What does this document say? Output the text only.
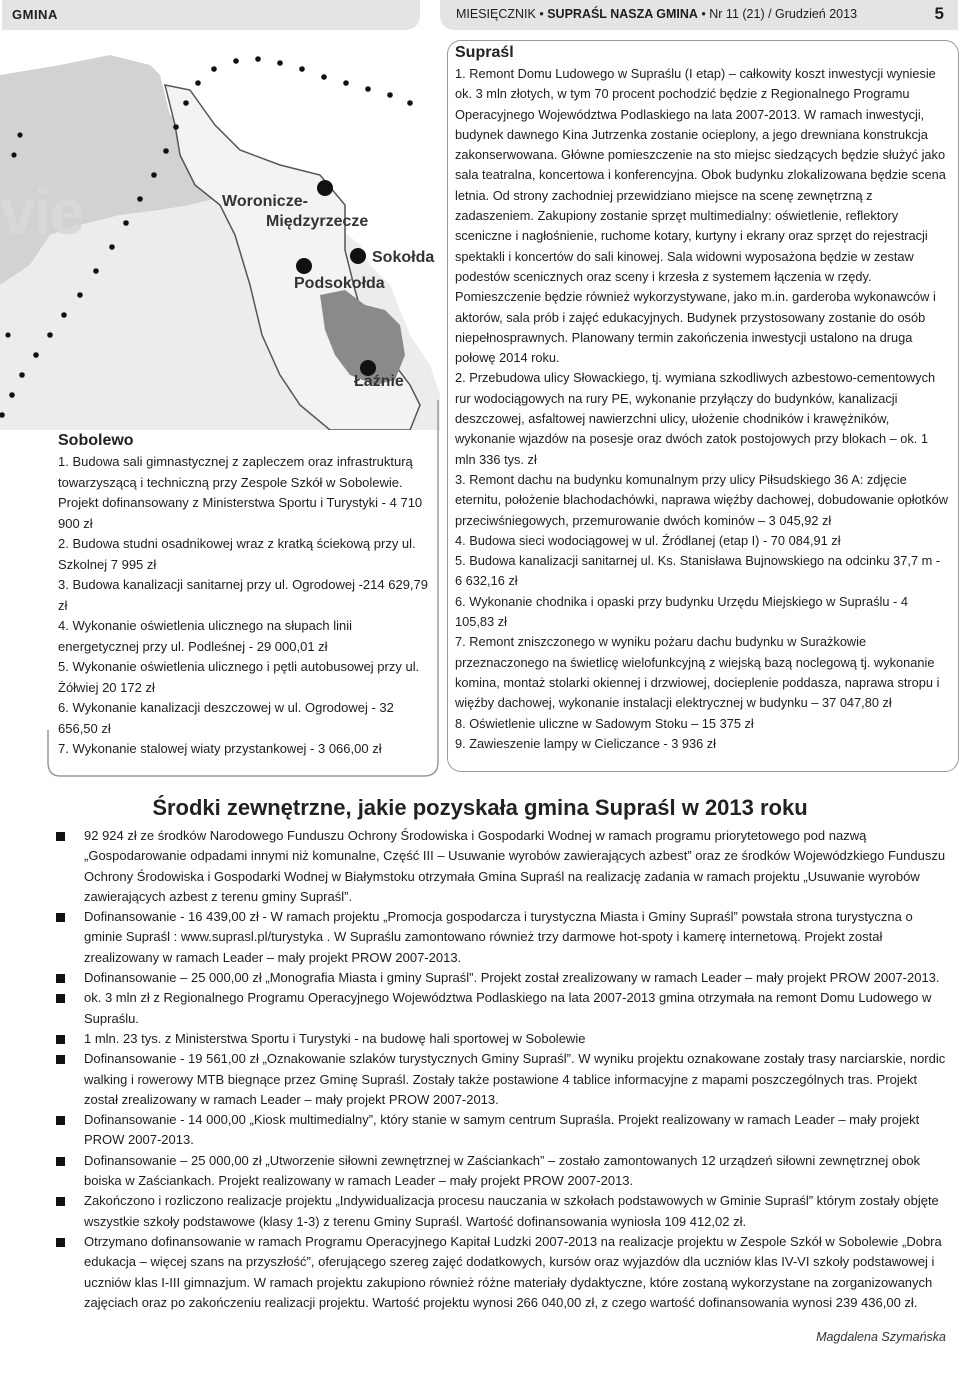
GMINA	MIESIĘCZNIK • SUPRAŚL NASZA GMINA • Nr 11 (21) / Grudzień 2013	5
vie	Woronicze-
Międzyrzecze
Sokołda
Podsokołda
Łaźnie
Sobolewo

1. Budowa sali gimnastycznej z zapleczem oraz infrastrukturą towarzyszącą i techniczną przy Zespole Szkół w Sobolewie. Projekt dofinansowany z Ministerstwa Sportu i Turystyki - 4 710 900 zł

2. Budowa studni osadnikowej wraz z kratką ściekową przy ul. Szkolnej 7 995 zł

3. Budowa kanalizacji sanitarnej przy ul. Ogrodowej -214 629,79 zł

4. Wykonanie oświetlenia ulicznego na słupach linii energetycznej przy ul. Podleśnej - 29 000,01 zł

5. Wykonanie oświetlenia ulicznego i pętli autobusowej przy ul. Żółwiej 20 172 zł

6. Wykonanie kanalizacji deszczowej w ul. Ogrodowej - 32 656,50 zł

7. Wykonanie stalowej wiaty przystankowej - 3 066,00 zł

Supraśl

1. Remont Domu Ludowego w Supraślu (I etap) – całkowity koszt inwestycji wyniesie ok. 3 mln złotych, w tym 70 procent pochodzić będzie z Regionalnego Programu Operacyjnego Województwa Podlaskiego na lata 2007-2013. W ramach inwestycji, budynek dawnego Kina Jutrzenka zostanie ocieplony, a jego drewniana konstrukcja zakonserwowana. Główne pomieszczenie na sto miejsc siedzących będzie służyć jako sala teatralna, koncertowa i konferencyjna. Obok budynku zlokalizowana będzie scena letnia. Od strony zachodniej przewidziano miejsce na scenę zewnętrzną z zadaszeniem. Zakupiony zostanie sprzęt multimedialny: oświetlenie, reflektory sceniczne i nagłośnienie, ruchome kotary, kurtyny i ekrany oraz sprzęt do rejestracji spektakli i koncertów do sali kinowej. Sala widowni wyposażona będzie w zestaw podestów scenicznych oraz sceny i krzesła z systemem łączenia w rzędy. Pomieszczenie będzie również wykorzystywane, jako m.in. garderoba wykonawców i aktorów, sala prób i zajęć edukacyjnych. Budynek przystosowany zostanie do osób niepełnosprawnych. Planowany termin zakończenia inwestycji ustalono na druga połowę 2014 roku.

2. Przebudowa ulicy Słowackiego, tj. wymiana szkodliwych azbestowo-cementowych rur wodociągowych na rury PE, wykonanie przyłączy do budynków, kanalizacji deszczowej, asfaltowej nawierzchni ulicy, ułożenie chodników i krawężników, wykonanie wjazdów na posesje oraz dwóch zatok postojowych przy blokach – ok. 1 mln 336 tys. zł

3. Remont dachu na budynku komunalnym przy ulicy Piłsudskiego 36 A: zdjęcie eternitu, położenie blachodachówki, naprawa więźby dachowej, dobudowanie opłotków przeciwśniegowych, przemurowanie dwóch kominów – 3 045,92 zł

4. Budowa sieci wodociągowej w ul. Źródlanej (etap I) - 70 084,91 zł

5. Budowa kanalizacji sanitarnej ul. Ks. Stanisława Bujnowskiego na odcinku 37,7 m - 6 632,16 zł

6. Wykonanie chodnika i opaski przy budynku Urzędu Miejskiego w Supraślu - 4 105,83 zł

7. Remont zniszczonego w wyniku pożaru dachu budynku w Surażkowie przeznaczonego na świetlicę wielofunkcyjną z wiejską bazą noclegową tj. wykonanie komina, montaż stolarki okiennej i drzwiowej, docieplenie poddasza, naprawa stropu i więźby dachowej, wykonanie instalacji elektrycznej w budynku – 37 047,80 zł

8. Oświetlenie uliczne w Sadowym Stoku – 15 375 zł

9. Zawieszenie lampy w Cieliczance - 3 936 zł

Środki zewnętrzne, jakie pozyskała gmina Supraśl w 2013 roku
92 924 zł ze środków Narodowego Funduszu Ochrony Środowiska i Gospodarki Wodnej w ramach programu priorytetowego pod nazwą „Gospodarowanie odpadami innymi niż komunalne, Część III – Usuwanie wyrobów zawierających azbest” oraz ze środków Wojewódzkiego Funduszu Ochrony Środowiska i Gospodarki Wodnej w Białymstoku otrzymała Gmina Supraśl na realizację zadania w ramach projektu „Usuwanie wyrobów zawierających azbest z terenu gminy Supraśl”.
Dofinansowanie - 16 439,00 zł - W ramach projektu „Promocja gospodarcza i turystyczna Miasta i Gminy Supraśl” powstała strona turystyczna o gminie Supraśl : www.suprasl.pl/turystyka . W Supraślu zamontowano również trzy darmowe hot-spoty i kamerę internetową. Projekt został zrealizowany w ramach Leader – mały projekt PROW 2007-2013.
Dofinansowanie – 25 000,00 zł „Monografia Miasta i gminy Supraśl”. Projekt został zrealizowany w ramach Leader – mały projekt PROW 2007-2013.
ok. 3 mln zł z Regionalnego Programu Operacyjnego Województwa Podlaskiego na lata 2007-2013 gmina otrzymała na remont Domu Ludowego w Supraślu.
1 mln. 23 tys. z Ministerstwa Sportu i Turystyki - na budowę hali sportowej w Sobolewie
Dofinansowanie - 19 561,00 zł „Oznakowanie szlaków turystycznych Gminy Supraśl”. W wyniku projektu oznakowane zostały trasy narciarskie, nordic walking i rowerowy MTB biegnące przez Gminę Supraśl. Zostały także postawione 4 tablice informacyjne z mapami poszczególnych tras. Projekt został zrealizowany w ramach Leader – mały projekt PROW 2007-2013.
Dofinansowanie - 14 000,00 „Kiosk multimedialny”, który stanie w samym centrum Supraśla. Projekt realizowany w ramach Leader – mały projekt PROW 2007-2013.
Dofinansowanie – 25 000,00 zł „Utworzenie siłowni zewnętrznej w Zaściankach” – zostało zamontowanych 12 urządzeń siłowni zewnętrznej obok boiska w Zaściankach. Projekt realizowany w ramach Leader – mały projekt PROW 2007-2013.
Zakończono i rozliczono realizacje projektu „Indywidualizacja procesu nauczania w szkołach podstawowych w Gminie Supraśl” którym zostały objęte wszystkie szkoły podstawowe (klasy 1-3) z terenu Gminy Supraśl. Wartość dofinansowania wyniosła 109 412,02 zł.
Otrzymano dofinansowanie w ramach Programu Operacyjnego Kapitał Ludzki 2007-2013 na realizacje projektu w Zespole Szkół w Sobolewie „Dobra edukacja – więcej szans na przyszłość”, oferującego szereg zajęć dodatkowych, kursów oraz wyjazdów dla uczniów klas IV-VI szkoły podstawowej i uczniów klas I-III gimnazjum. W ramach projektu zakupiono również różne materiały dydaktyczne, które zostaną wykorzystane na zorganizowanych zajęciach oraz po zakończeniu realizacji projektu. Wartość projektu wynosi 266 040,00 zł, z czego wartość dofinansowania wynosi 239 436,00 zł.
Magdalena Szymańska
